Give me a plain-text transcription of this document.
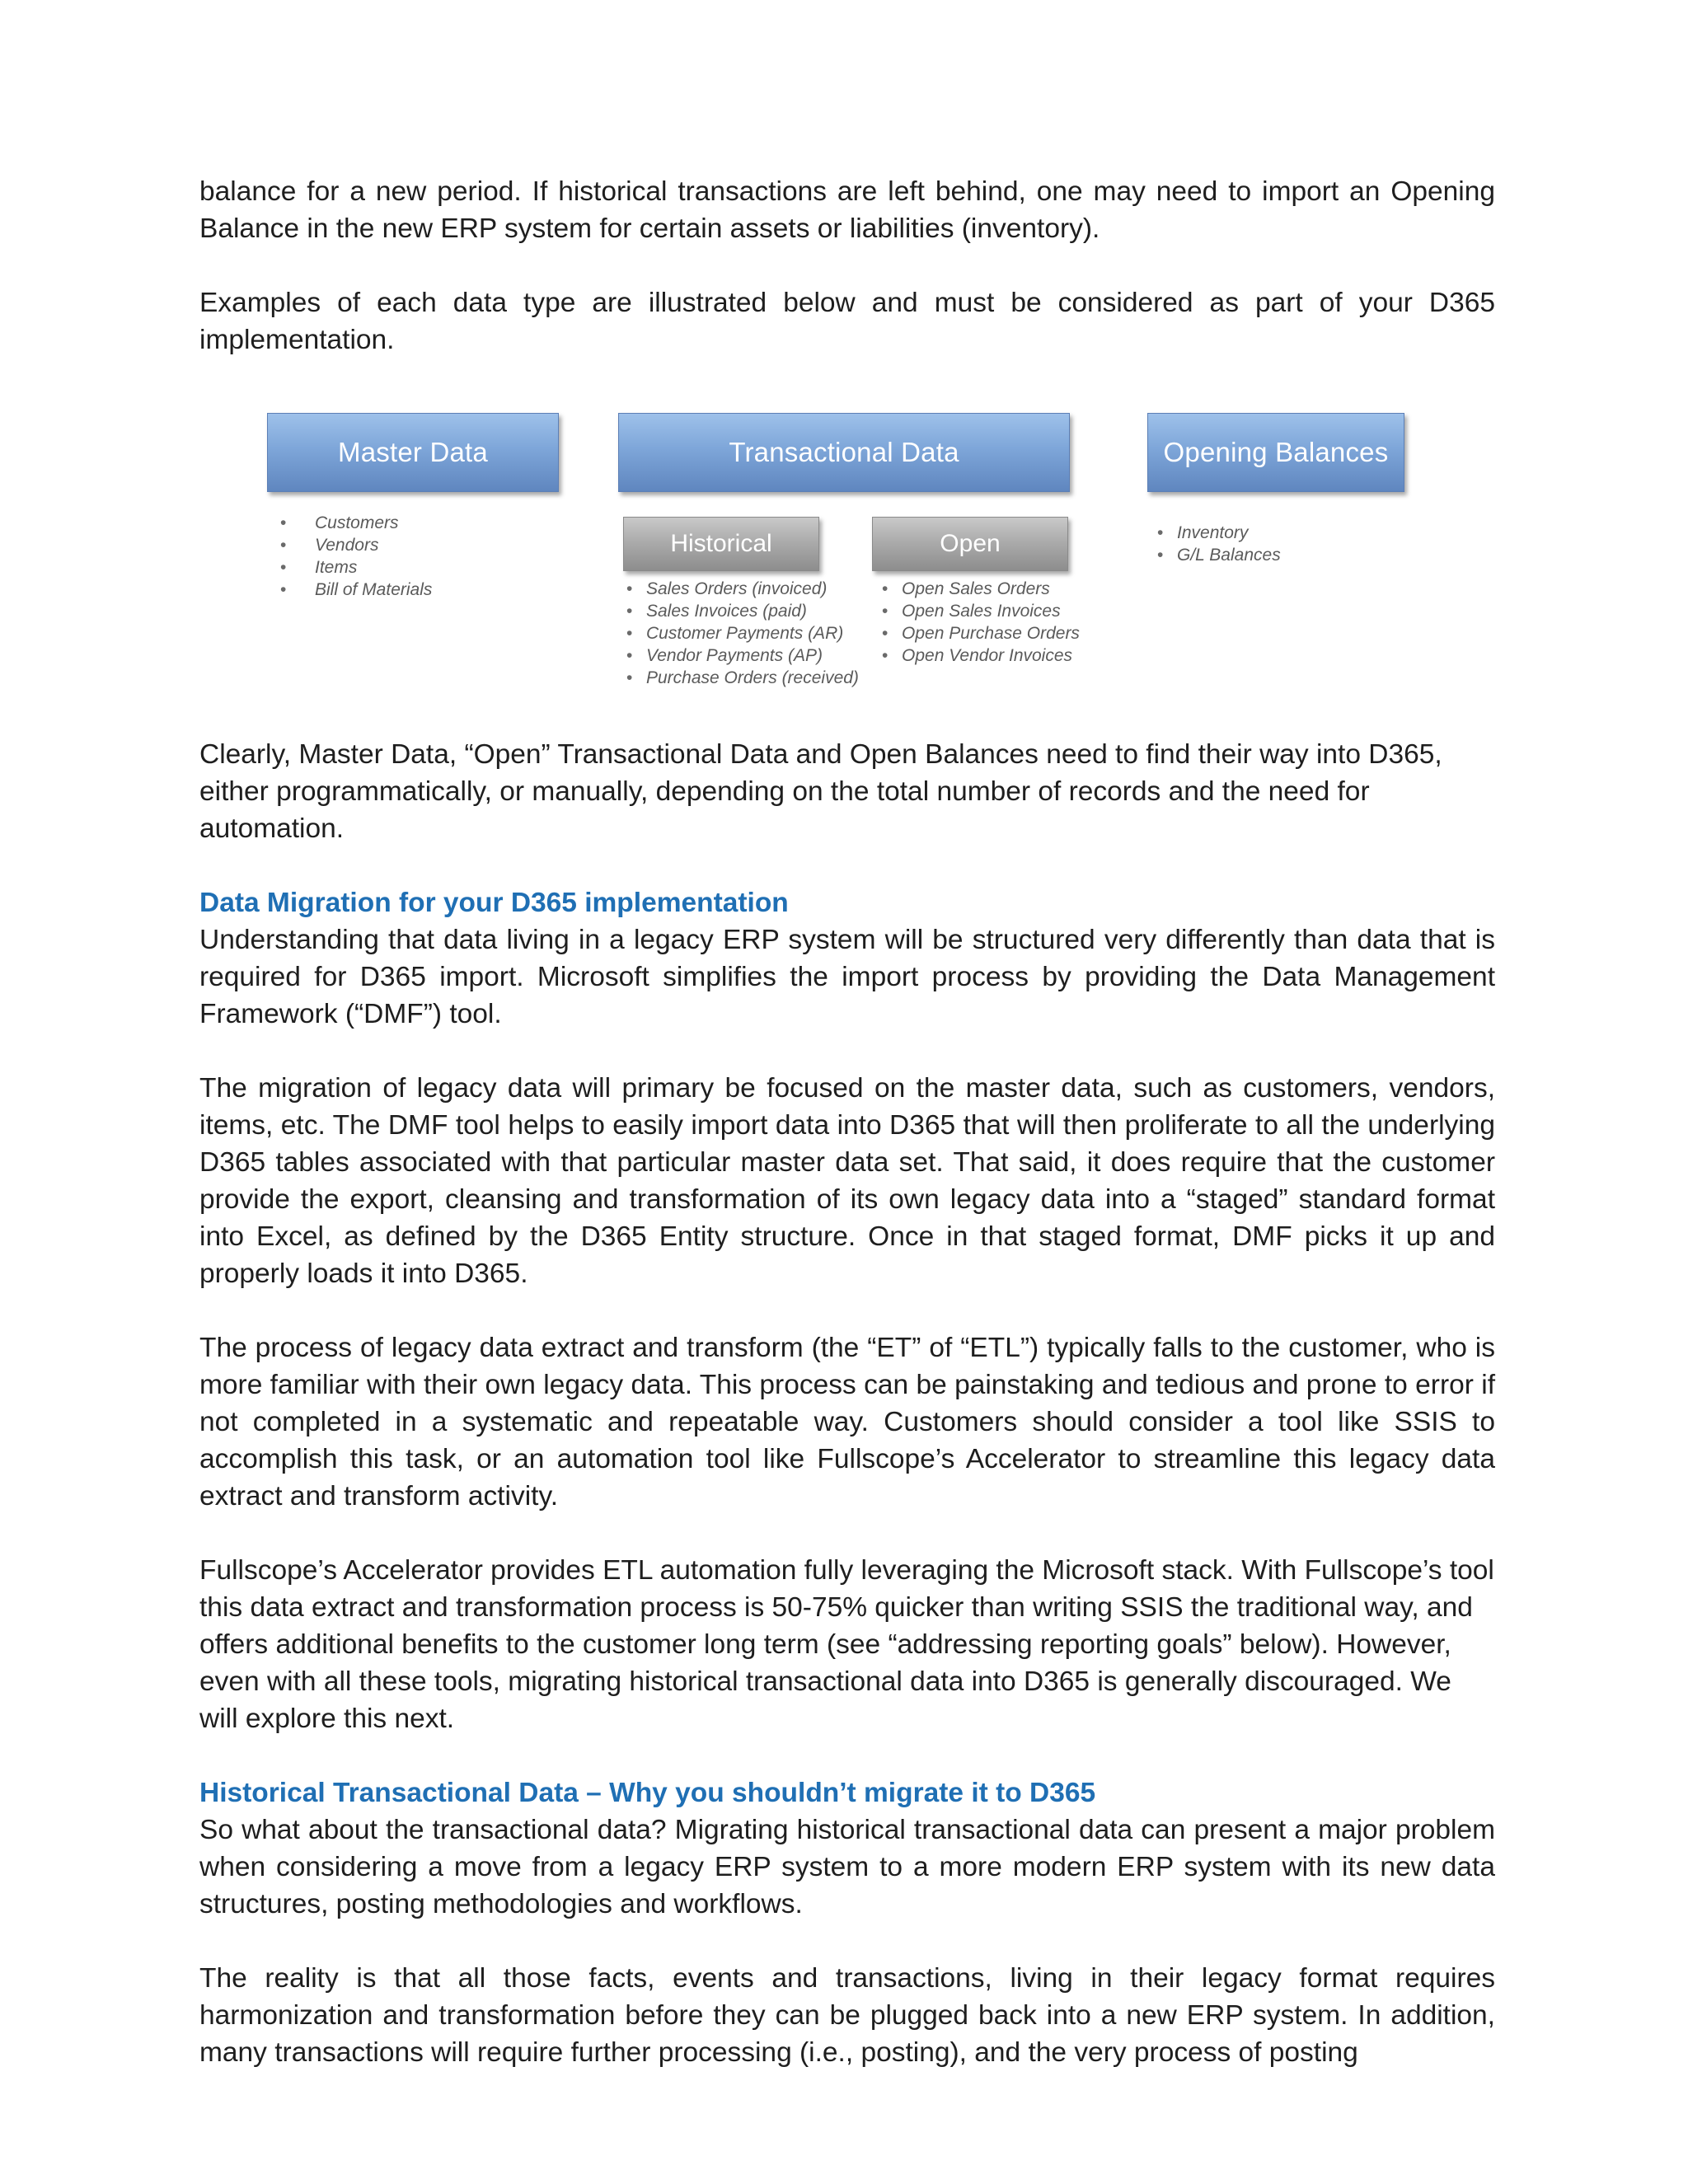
balance for a new period. If historical transactions are left behind, one may need to import an Opening Balance in the new ERP system for certain assets or liabilities (inventory).

Examples of each data type are illustrated below and must be considered as part of your D365 implementation.

Master Data
• Customers
• Vendors
• Items
• Bill of Materials
Transactional Data
Historical	Open
• Sales Orders (invoiced)
• Sales Invoices (paid)
• Customer Payments (AR)
• Vendor Payments (AP)
• Purchase Orders (received)
• Open Sales Orders
• Open Sales Invoices
• Open Purchase Orders
• Open Vendor Invoices
Opening Balances
• Inventory
• G/L Balances

Clearly, Master Data, “Open” Transactional Data and Open Balances need to find their way into D365, either programmatically, or manually, depending on the total number of records and the need for automation.

Data Migration for your D365 implementation

Understanding that data living in a legacy ERP system will be structured very differently than data that is required for D365 import. Microsoft simplifies the import process by providing the Data Management Framework (“DMF”) tool.

The migration of legacy data will primary be focused on the master data, such as customers, vendors, items, etc. The DMF tool helps to easily import data into D365 that will then proliferate to all the underlying D365 tables associated with that particular master data set. That said, it does require that the customer provide the export, cleansing and transformation of its own legacy data into a “staged” standard format into Excel, as defined by the D365 Entity structure. Once in that staged format, DMF picks it up and properly loads it into D365.

The process of legacy data extract and transform (the “ET” of “ETL”) typically falls to the customer, who is more familiar with their own legacy data. This process can be painstaking and tedious and prone to error if not completed in a systematic and repeatable way. Customers should consider a tool like SSIS to accomplish this task, or an automation tool like Fullscope’s Accelerator to streamline this legacy data extract and transform activity.

Fullscope’s Accelerator provides ETL automation fully leveraging the Microsoft stack. With Fullscope’s tool this data extract and transformation process is 50-75% quicker than writing SSIS the traditional way, and offers additional benefits to the customer long term (see “addressing reporting goals” below). However, even with all these tools, migrating historical transactional data into D365 is generally discouraged. We will explore this next.

Historical Transactional Data – Why you shouldn’t migrate it to D365

So what about the transactional data? Migrating historical transactional data can present a major problem when considering a move from a legacy ERP system to a more modern ERP system with its new data structures, posting methodologies and workflows.

The reality is that all those facts, events and transactions, living in their legacy format requires harmonization and transformation before they can be plugged back into a new ERP system. In addition, many transactions will require further processing (i.e., posting), and the very process of posting
